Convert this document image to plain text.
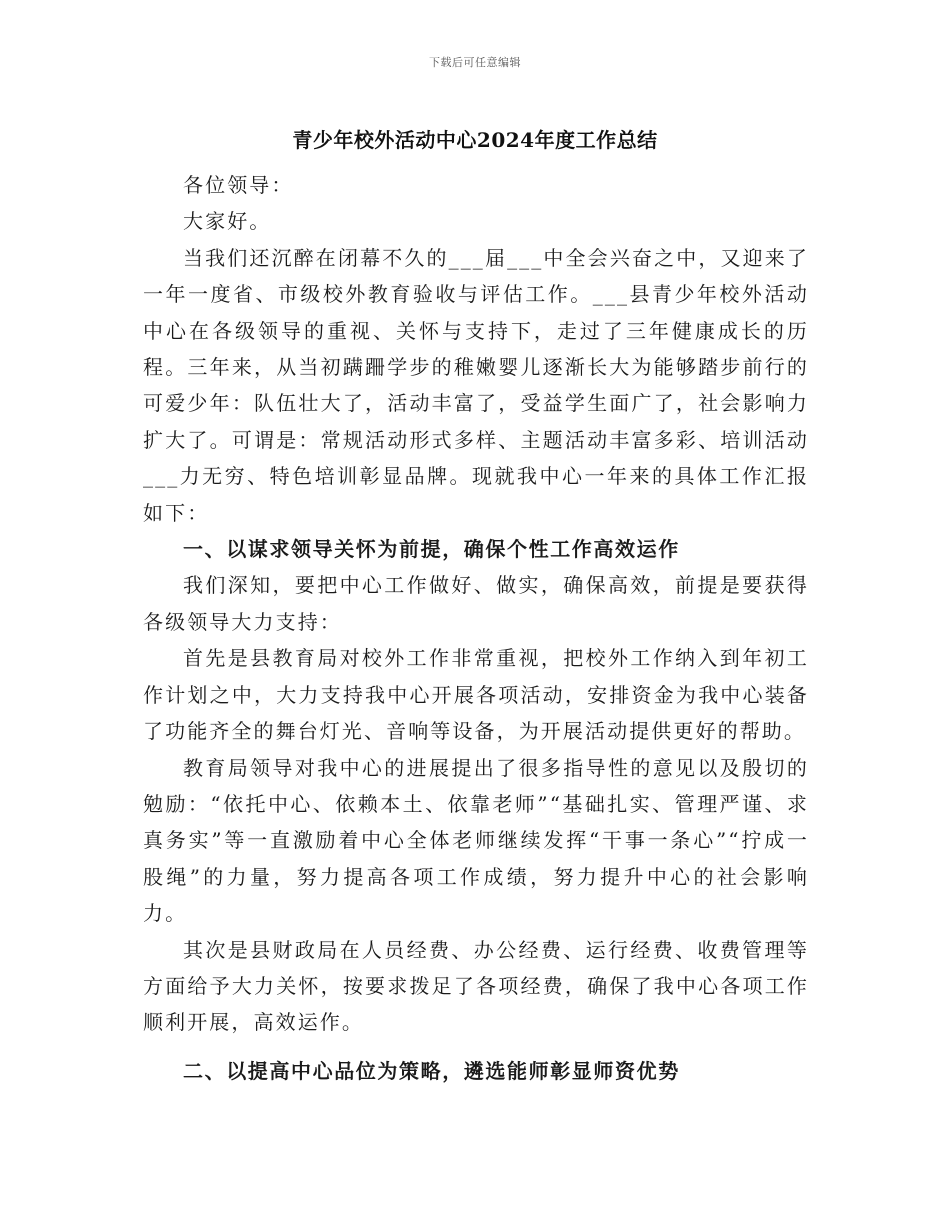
下载后可任意编辑
青少年校外活动中心2024年度工作总结

各位领导：

大家好。

当我们还沉醉在闭幕不久的___届___中全会兴奋之中，又迎来了一年一度省、市级校外教育验收与评估工作。___县青少年校外活动中心在各级领导的重视、关怀与支持下，走过了三年健康成长的历程。三年来，从当初蹒跚学步的稚嫩婴儿逐渐长大为能够踏步前行的可爱少年：队伍壮大了，活动丰富了，受益学生面广了，社会影响力扩大了。可谓是：常规活动形式多样、主题活动丰富多彩、培训活动___力无穷、特色培训彰显品牌。现就我中心一年来的具体工作汇报如下：

一、以谋求领导关怀为前提，确保个性工作高效运作

我们深知，要把中心工作做好、做实，确保高效，前提是要获得各级领导大力支持：

首先是县教育局对校外工作非常重视，把校外工作纳入到年初工作计划之中，大力支持我中心开展各项活动，安排资金为我中心装备了功能齐全的舞台灯光、音响等设备，为开展活动提供更好的帮助。

教育局领导对我中心的进展提出了很多指导性的意见以及殷切的勉励：“依托中心、依赖本土、依靠老师”“基础扎实、管理严谨、求真务实”等一直激励着中心全体老师继续发挥“干事一条心”“拧成一股绳”的力量，努力提高各项工作成绩，努力提升中心的社会影响力。

其次是县财政局在人员经费、办公经费、运行经费、收费管理等方面给予大力关怀，按要求拨足了各项经费，确保了我中心各项工作顺利开展，高效运作。

二、以提高中心品位为策略，遴选能师彰显师资优势
